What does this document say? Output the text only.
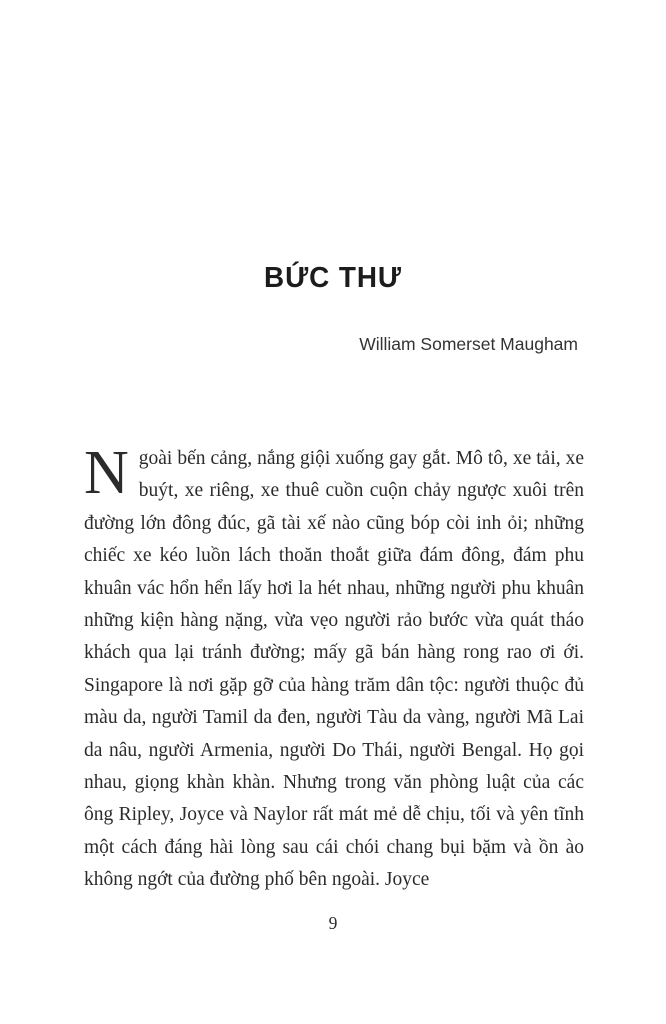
BỨC THƯ
William Somerset Maugham
Ngoài bến cảng, nắng giội xuống gay gắt. Mô tô, xe tải, xe buýt, xe riêng, xe thuê cuồn cuộn chảy ngược xuôi trên đường lớn đông đúc, gã tài xế nào cũng bóp còi inh ỏi; những chiếc xe kéo luồn lách thoăn thoắt giữa đám đông, đám phu khuân vác hổn hển lấy hơi la hét nhau, những người phu khuân những kiện hàng nặng, vừa vẹo người rảo bước vừa quát tháo khách qua lại tránh đường; mấy gã bán hàng rong rao ơi ới. Singapore là nơi gặp gỡ của hàng trăm dân tộc: người thuộc đủ màu da, người Tamil da đen, người Tàu da vàng, người Mã Lai da nâu, người Armenia, người Do Thái, người Bengal. Họ gọi nhau, giọng khàn khàn. Nhưng trong văn phòng luật của các ông Ripley, Joyce và Naylor rất mát mẻ dễ chịu, tối và yên tĩnh một cách đáng hài lòng sau cái chói chang bụi bặm và ồn ào không ngớt của đường phố bên ngoài. Joyce
9
